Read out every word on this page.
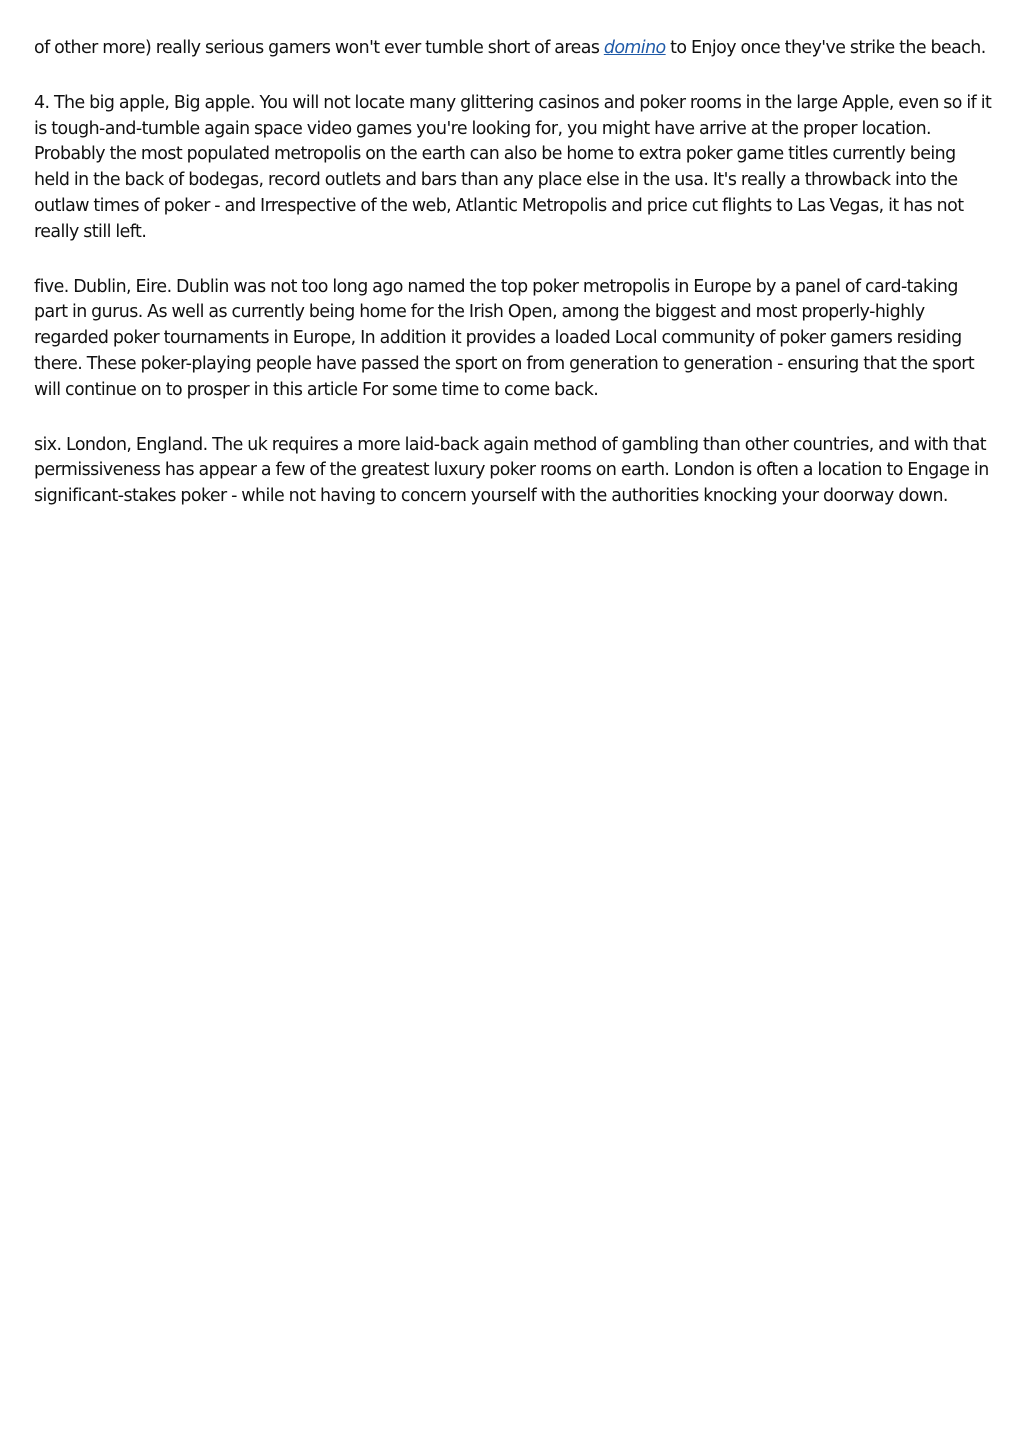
of other more) really serious gamers won't ever tumble short of areas domino to Enjoy once they've strike the beach.

4. The big apple, Big apple. You will not locate many glittering casinos and poker rooms in the large Apple, even so if it is tough-and-tumble again space video games you're looking for, you might have arrive at the proper location. Probably the most populated metropolis on the earth can also be home to extra poker game titles currently being held in the back of bodegas, record outlets and bars than any place else in the usa. It's really a throwback into the outlaw times of poker - and Irrespective of the web, Atlantic Metropolis and price cut flights to Las Vegas, it has not really still left.

five. Dublin, Eire. Dublin was not too long ago named the top poker metropolis in Europe by a panel of card-taking part in gurus. As well as currently being home for the Irish Open, among the biggest and most properly-highly regarded poker tournaments in Europe, In addition it provides a loaded Local community of poker gamers residing there. These poker-playing people have passed the sport on from generation to generation - ensuring that the sport will continue on to prosper in this article For some time to come back.

six. London, England. The uk requires a more laid-back again method of gambling than other countries, and with that permissiveness has appear a few of the greatest luxury poker rooms on earth. London is often a location to Engage in significant-stakes poker - while not having to concern yourself with the authorities knocking your doorway down.
